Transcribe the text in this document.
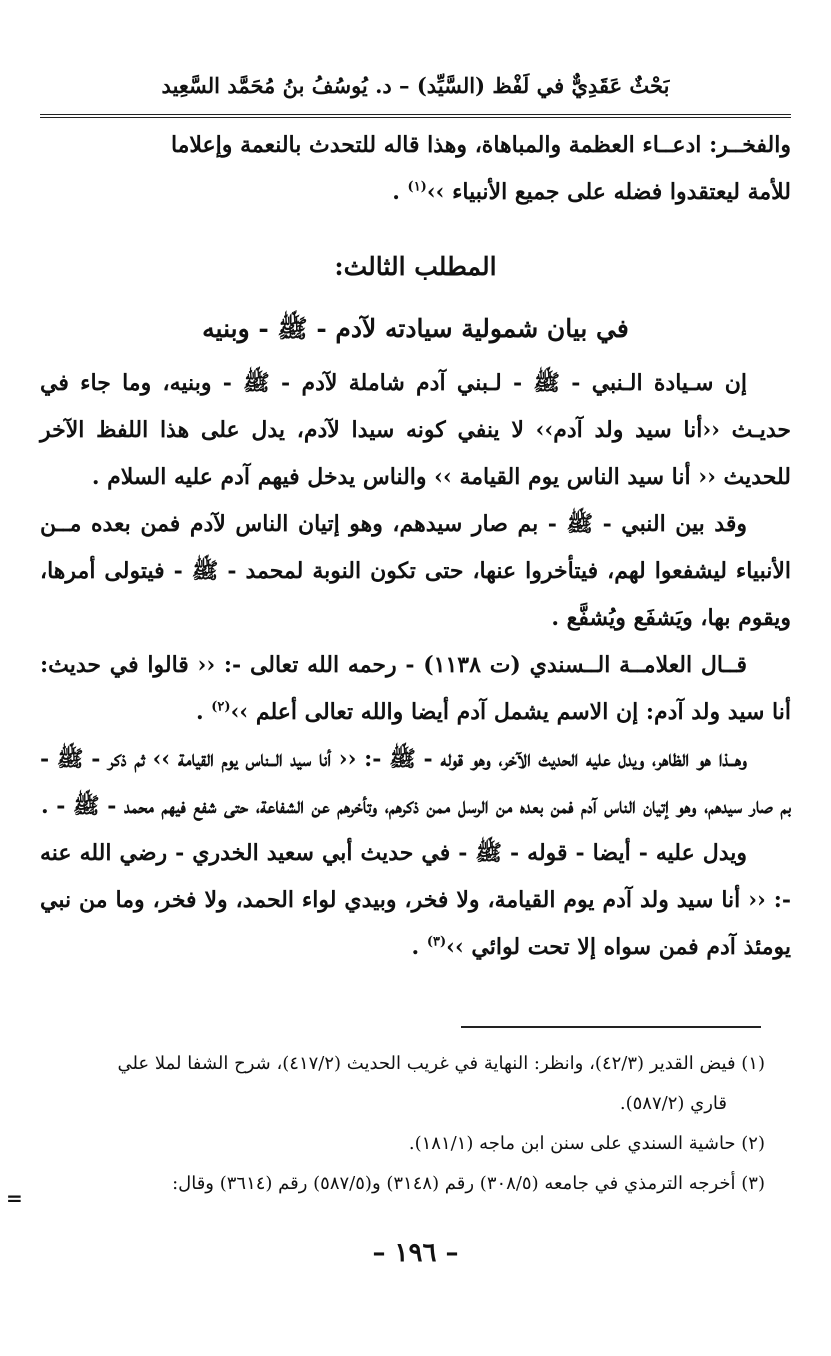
بَحْثٌ عَقَدِيٌّ في لَفْظ (السَّيِّد) – د. يُوسُفُ بنُ مُحَمَّد السَّعِيد

والفخــر: ادعــاء العظمة والمباهاة، وهذا قاله للتحدث بالنعمة وإعلاما
للأمة ليعتقدوا فضله على جميع الأنبياء ››$^{(١)}$ .

المطلب الثالث:

في بيان شمولية سيادته لآدم - ﷺ - وبنيه

إن سـيادة الـنبي - ﷺ - لـبني آدم شاملة لآدم - ﷺ - وبنيه، وما جاء في حديـث ‹‹أنا سيد ولد آدم›› لا ينفي كونه سيدا لآدم، يدل على هذا اللفظ الآخر للحديث ‹‹ أنا سيد الناس يوم القيامة ›› والناس يدخل فيهم آدم عليه السلام .

وقد بين النبي - ﷺ - بم صار سيدهم، وهو إتيان الناس لآدم فمن بعده مــن الأنبياء ليشفعوا لهم، فيتأخروا عنها، حتى تكون النوبة لمحمد - ﷺ - فيتولى أمرها، ويقوم بها، ويَشفَع ويُشفَّع .

قــال العلامــة الــسندي (ت ١١٣٨) - رحمه الله تعالى -: ‹‹ قالوا في حديث: أنا سيد ولد آدم: إن الاسم يشمل آدم أيضا والله تعالى أعلم ››$^{(٢)}$ .

وهــذا هو الظاهر، ويدل عليه الحديث الآخر، وهو قوله - ﷺ -: ‹‹ أنا سيد الــناس يوم القيامة ›› ثم ذكر - ﷺ - بم صار سيدهم، وهو إتيان الناس آدم فمن بعده من الرسل ممن ذكرهم، وتأخرهم عن الشفاعة، حتى شفع فيهم محمد - ﷺ - .

ويدل عليه - أيضا - قوله - ﷺ - في حديث أبي سعيد الخدري - رضي الله عنه -: ‹‹ أنا سيد ولد آدم يوم القيامة، ولا فخر، وبيدي لواء الحمد، ولا فخر، وما من نبي يومئذ آدم فمن سواه إلا تحت لوائي ››$^{(٣)}$ .

(١) فيض القدير (٤٢/٣)، وانظر: النهاية في غريب الحديث (٤١٧/٢)، شرح الشفا لملا علي
قاري (٥٨٧/٢).

(٢) حاشية السندي على سنن ابن ماجه (١٨١/١).

(٣) أخرجه الترمذي في جامعه (٣٠٨/٥) رقم (٣١٤٨) و(٥٨٧/٥) رقم (٣٦١٤) وقال:

=
– ١٩٦ –
